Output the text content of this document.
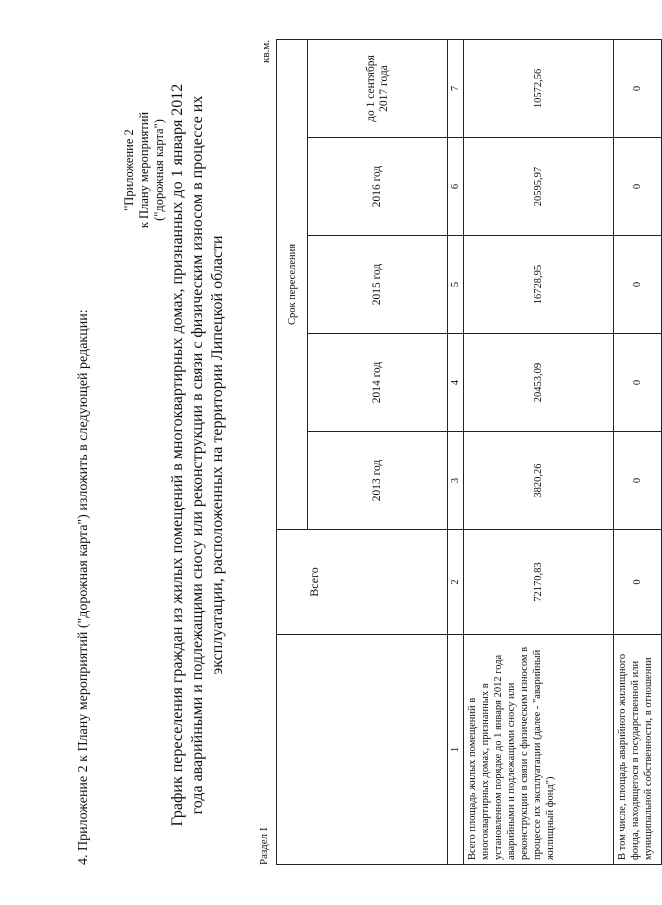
4. Приложение 2 к Плану мероприятий ("дорожная карта") изложить в следующей редакции:
"Приложение 2 к Плану мероприятий ("дорожная карта") График переселения граждан из жилых помещений в многоквартирных домах, признанных до 1 января 2012 года аварийными и подлежащими сносу или реконструкции в связи с физическим износом в процессе их эксплуатации, расположенных на территории Липецкой области
Раздел I
кв.м.
	Всего	Срок переселения				
		2013 год	2014 год	2015 год	2016 год	до 1 сентября 2017 года
1	2	3	4	5	6	7
Всего площадь жилых помещений в многоквартирных домах, признанных в установленном порядке до 1 января 2012 года аварийными и подлежащими сносу или реконструкции в связи с физическим износом в процессе их эксплуатации (далее - "аварийный жилищный фонд")	72170,83	3820,26	20453,09	16728,95	20595,97	10572,56
В том числе, площадь аварийного жилищного фонда, находящегося в государственной или муниципальной собственности, в отношении	0	0	0	0	0	0
